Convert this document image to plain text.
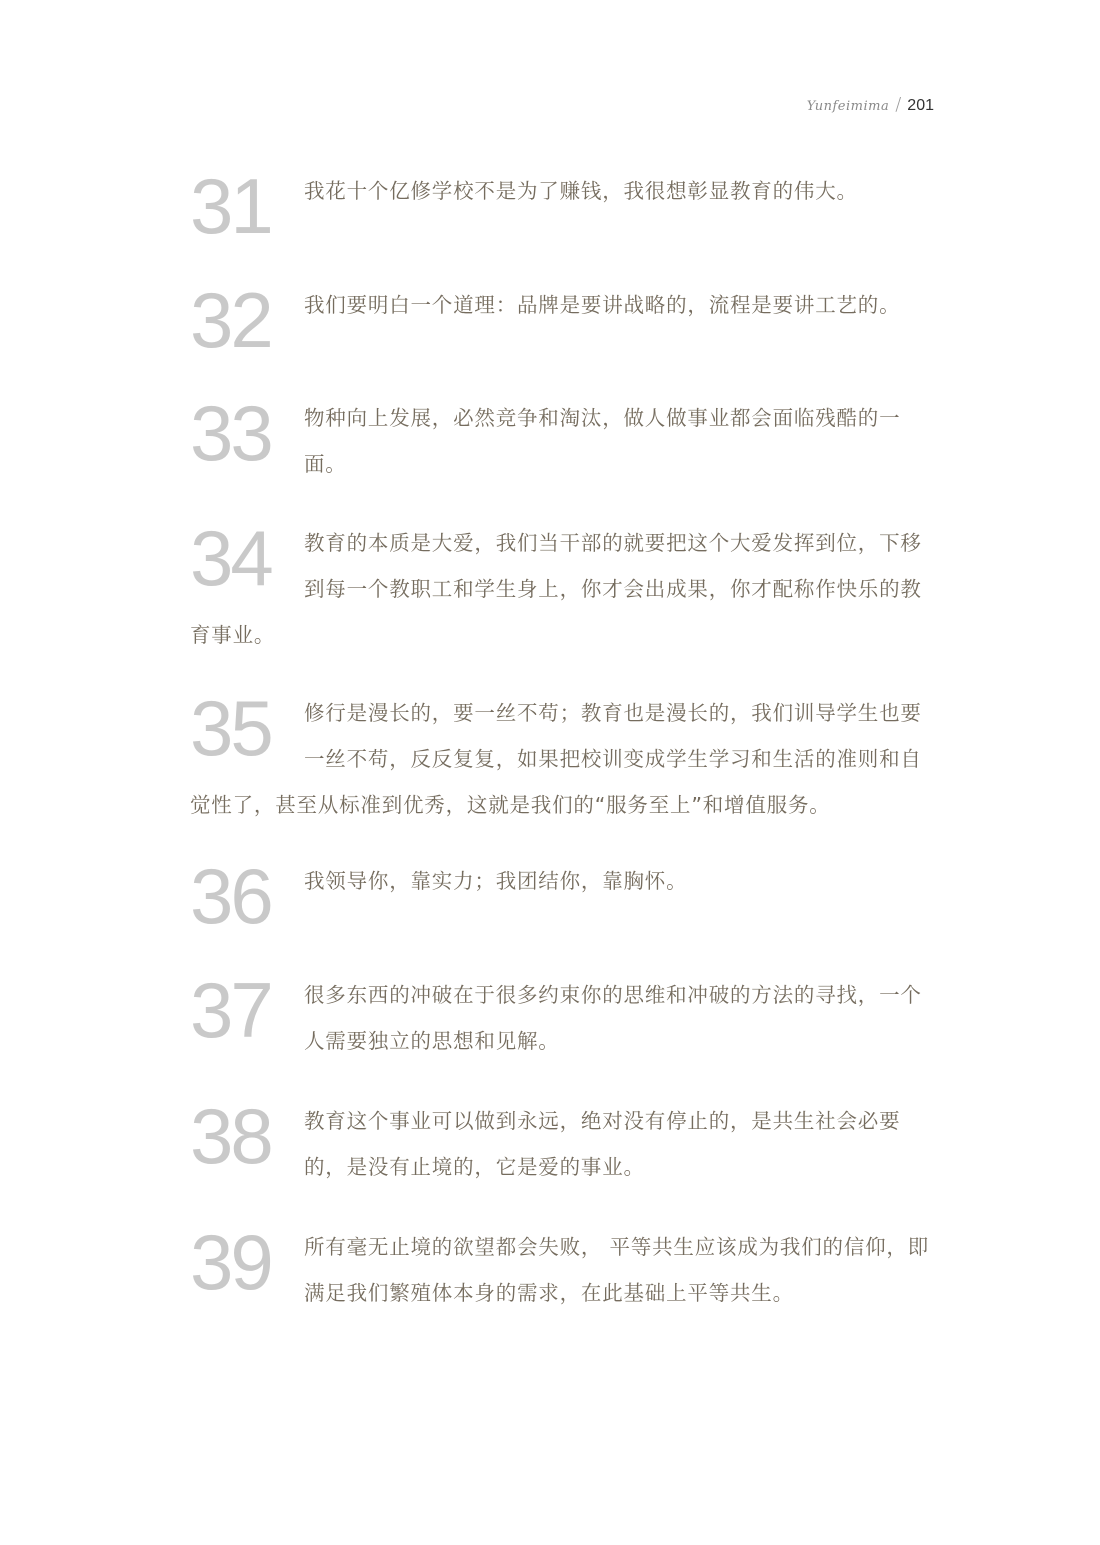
Yunfeimima / 201
31	我花十个亿修学校不是为了赚钱，我很想彰显教育的伟大。

32	我们要明白一个道理：品牌是要讲战略的，流程是要讲工艺的。

33	物种向上发展，必然竞争和淘汰，做人做事业都会面临残酷的一面。

34	教育的本质是大爱，我们当干部的就要把这个大爱发挥到位，下移到每一个教职工和学生身上，你才会出成果，你才配称作快乐的教育事业。

35	修行是漫长的，要一丝不苟；教育也是漫长的，我们训导学生也要一丝不苟，反反复复，如果把校训变成学生学习和生活的准则和自觉性了，甚至从标准到优秀，这就是我们的“服务至上”和增值服务。

36	我领导你，靠实力；我团结你，靠胸怀。

37	很多东西的冲破在于很多约束你的思维和冲破的方法的寻找，一个人需要独立的思想和见解。

38	教育这个事业可以做到永远，绝对没有停止的，是共生社会必要的，是没有止境的，它是爱的事业。

39	所有毫无止境的欲望都会失败， 平等共生应该成为我们的信仰，即满足我们繁殖体本身的需求，在此基础上平等共生。
